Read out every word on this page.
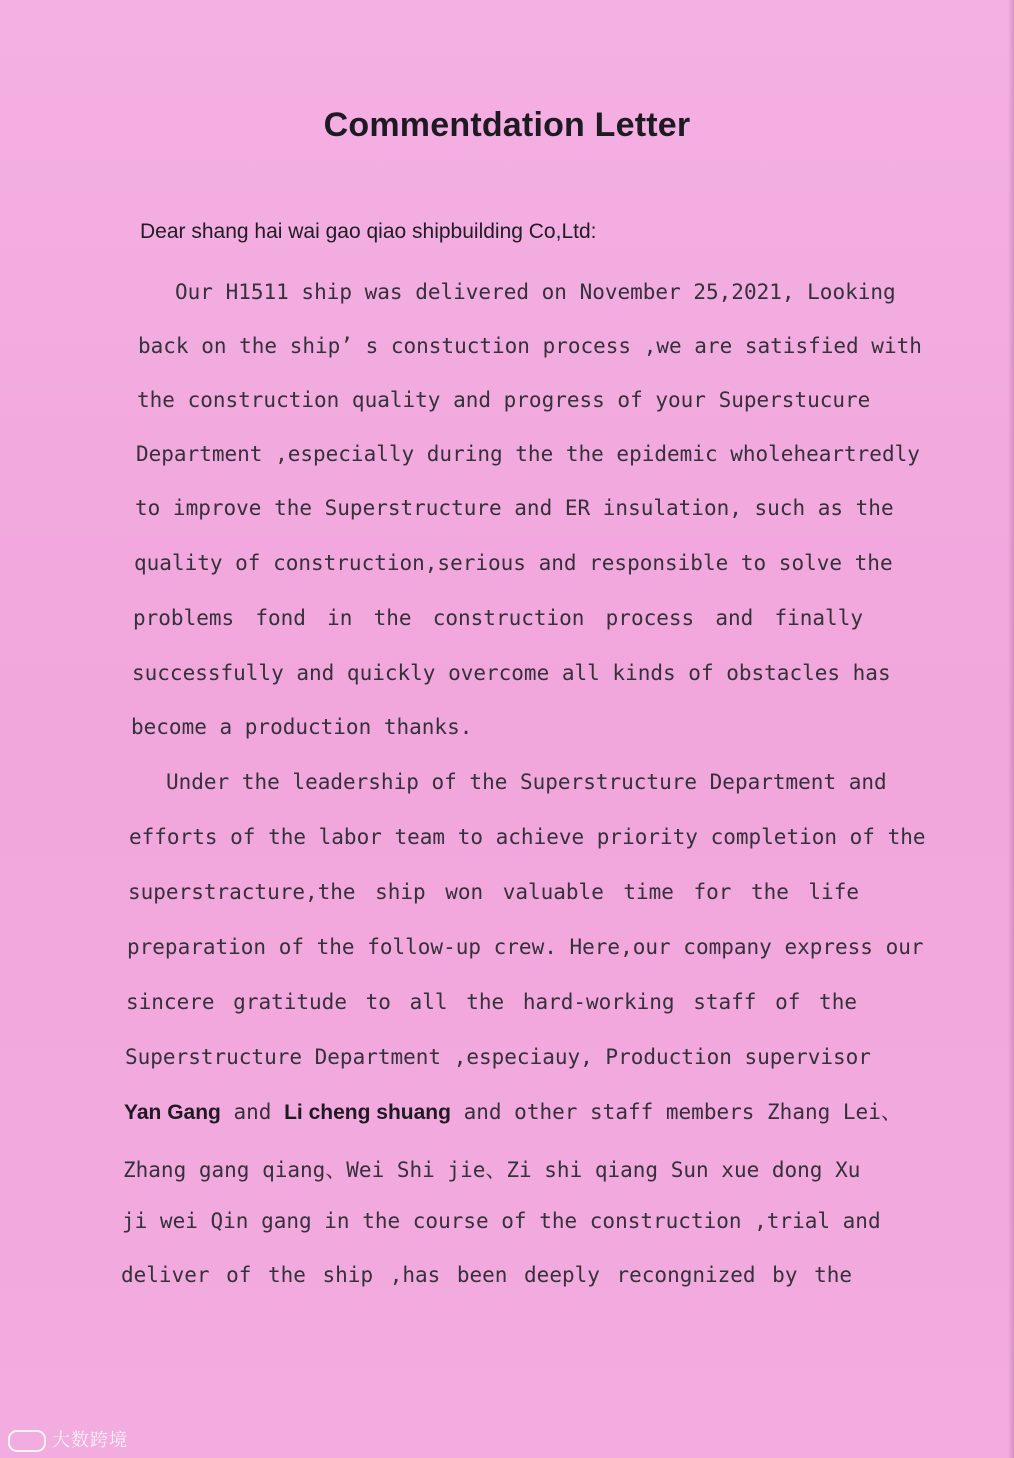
Commentdation Letter
Dear shang hai wai gao qiao shipbuilding Co,Ltd:
Our H1511 ship was delivered on November 25,2021, Looking
back on the ship’ s constuction process ,we are satisfied with
the construction quality and progress of your Superstucure
Department ,especially during the the epidemic wholeheartredly
to improve the Superstructure and ER insulation, such as the
quality of construction,serious and responsible to solve the
problems fond in the construction process and finally
successfully and quickly overcome all kinds of obstacles has
become a production thanks.
Under the leadership of the Superstructure Department and
efforts of the labor team to achieve priority completion of the
superstracture,the ship won valuable time for the life
preparation of the follow-up crew. Here,our company express our
sincere gratitude to all the hard-working staff of the
Superstructure Department ,especiauy, Production supervisor
Yan Gang and Li cheng shuang and other staff members Zhang Lei、
Zhang gang qiang、Wei Shi jie、Zi shi qiang Sun xue dong Xu
ji wei Qin gang in the course of the construction ,trial and
deliver of the ship ,has been deeply recongnized by the
大数跨境
